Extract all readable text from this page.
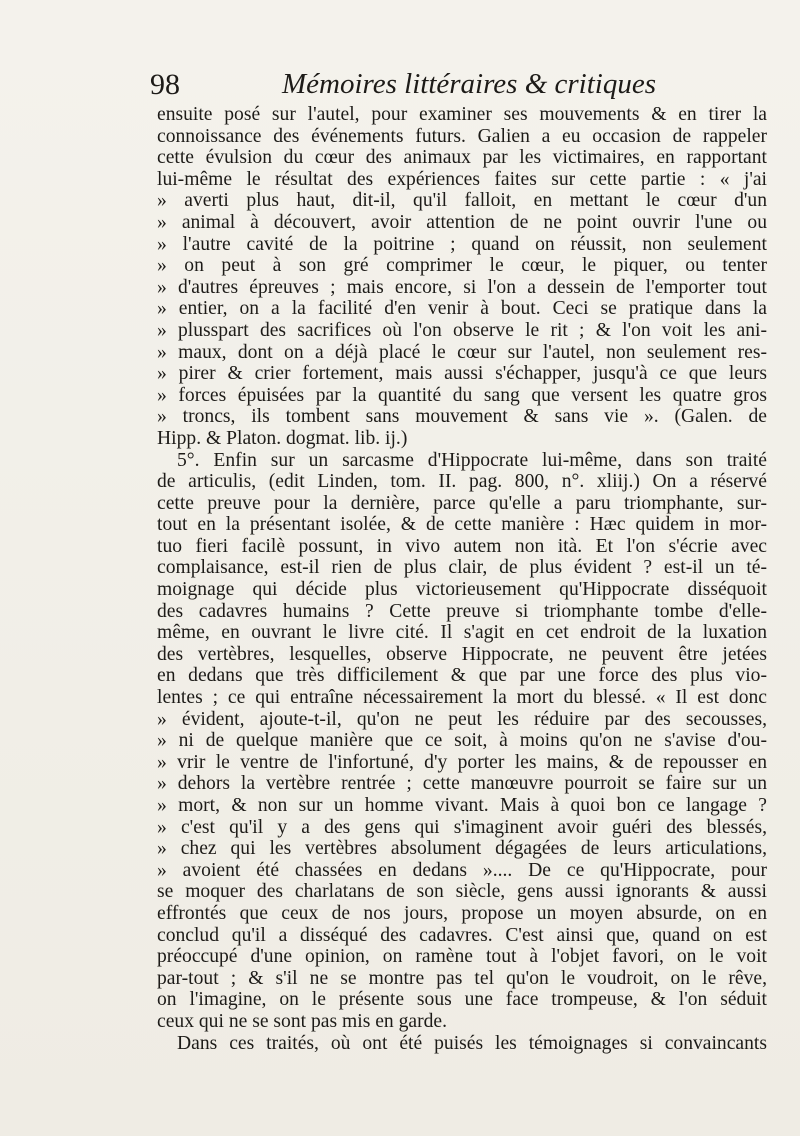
98	Mémoires littéraires & critiques
ensuite posé sur l'autel, pour examiner ses mouvements & en tirer la
connoissance des événements futurs. Galien a eu occasion de rappeler
cette évulsion du cœur des animaux par les victimaires, en rapportant
lui-même le résultat des expériences faites sur cette partie : « j'ai
» averti plus haut, dit-il, qu'il falloit, en mettant le cœur d'un
» animal à découvert, avoir attention de ne point ouvrir l'une ou
» l'autre cavité de la poitrine ; quand on réussit, non seulement
» on peut à son gré comprimer le cœur, le piquer, ou tenter
» d'autres épreuves ; mais encore, si l'on a dessein de l'emporter tout
» entier, on a la facilité d'en venir à bout. Ceci se pratique dans la
» plusspart des sacrifices où l'on observe le rit ; & l'on voit les ani-
» maux, dont on a déjà placé le cœur sur l'autel, non seulement res-
» pirer & crier fortement, mais aussi s'échapper, jusqu'à ce que leurs
» forces épuisées par la quantité du sang que versent les quatre gros
» troncs, ils tombent sans mouvement & sans vie ». (Galen. de
Hipp. & Platon. dogmat. lib. ij.)
5°. Enfin sur un sarcasme d'Hippocrate lui-même, dans son traité
de articulis, (edit Linden, tom. II. pag. 800, n°. xliij.) On a réservé
cette preuve pour la dernière, parce qu'elle a paru triomphante, sur-
tout en la présentant isolée, & de cette manière : Hæc quidem in mor-
tuo fieri facilè possunt, in vivo autem non ità. Et l'on s'écrie avec
complaisance, est-il rien de plus clair, de plus évident ? est-il un té-
moignage qui décide plus victorieusement qu'Hippocrate disséquoit
des cadavres humains ? Cette preuve si triomphante tombe d'elle-
même, en ouvrant le livre cité. Il s'agit en cet endroit de la luxation
des vertèbres, lesquelles, observe Hippocrate, ne peuvent être jetées
en dedans que très difficilement & que par une force des plus vio-
lentes ; ce qui entraîne nécessairement la mort du blessé. « Il est donc
» évident, ajoute-t-il, qu'on ne peut les réduire par des secousses,
» ni de quelque manière que ce soit, à moins qu'on ne s'avise d'ou-
» vrir le ventre de l'infortuné, d'y porter les mains, & de repousser en
» dehors la vertèbre rentrée ; cette manœuvre pourroit se faire sur un
» mort, & non sur un homme vivant. Mais à quoi bon ce langage ?
» c'est qu'il y a des gens qui s'imaginent avoir guéri des blessés,
» chez qui les vertèbres absolument dégagées de leurs articulations,
» avoient été chassées en dedans ».... De ce qu'Hippocrate, pour
se moquer des charlatans de son siècle, gens aussi ignorants & aussi
effrontés que ceux de nos jours, propose un moyen absurde, on en
conclud qu'il a disséqué des cadavres. C'est ainsi que, quand on est
préoccupé d'une opinion, on ramène tout à l'objet favori, on le voit
par-tout ; & s'il ne se montre pas tel qu'on le voudroit, on le rêve,
on l'imagine, on le présente sous une face trompeuse, & l'on séduit
ceux qui ne se sont pas mis en garde.
Dans ces traités, où ont été puisés les témoignages si convaincants
